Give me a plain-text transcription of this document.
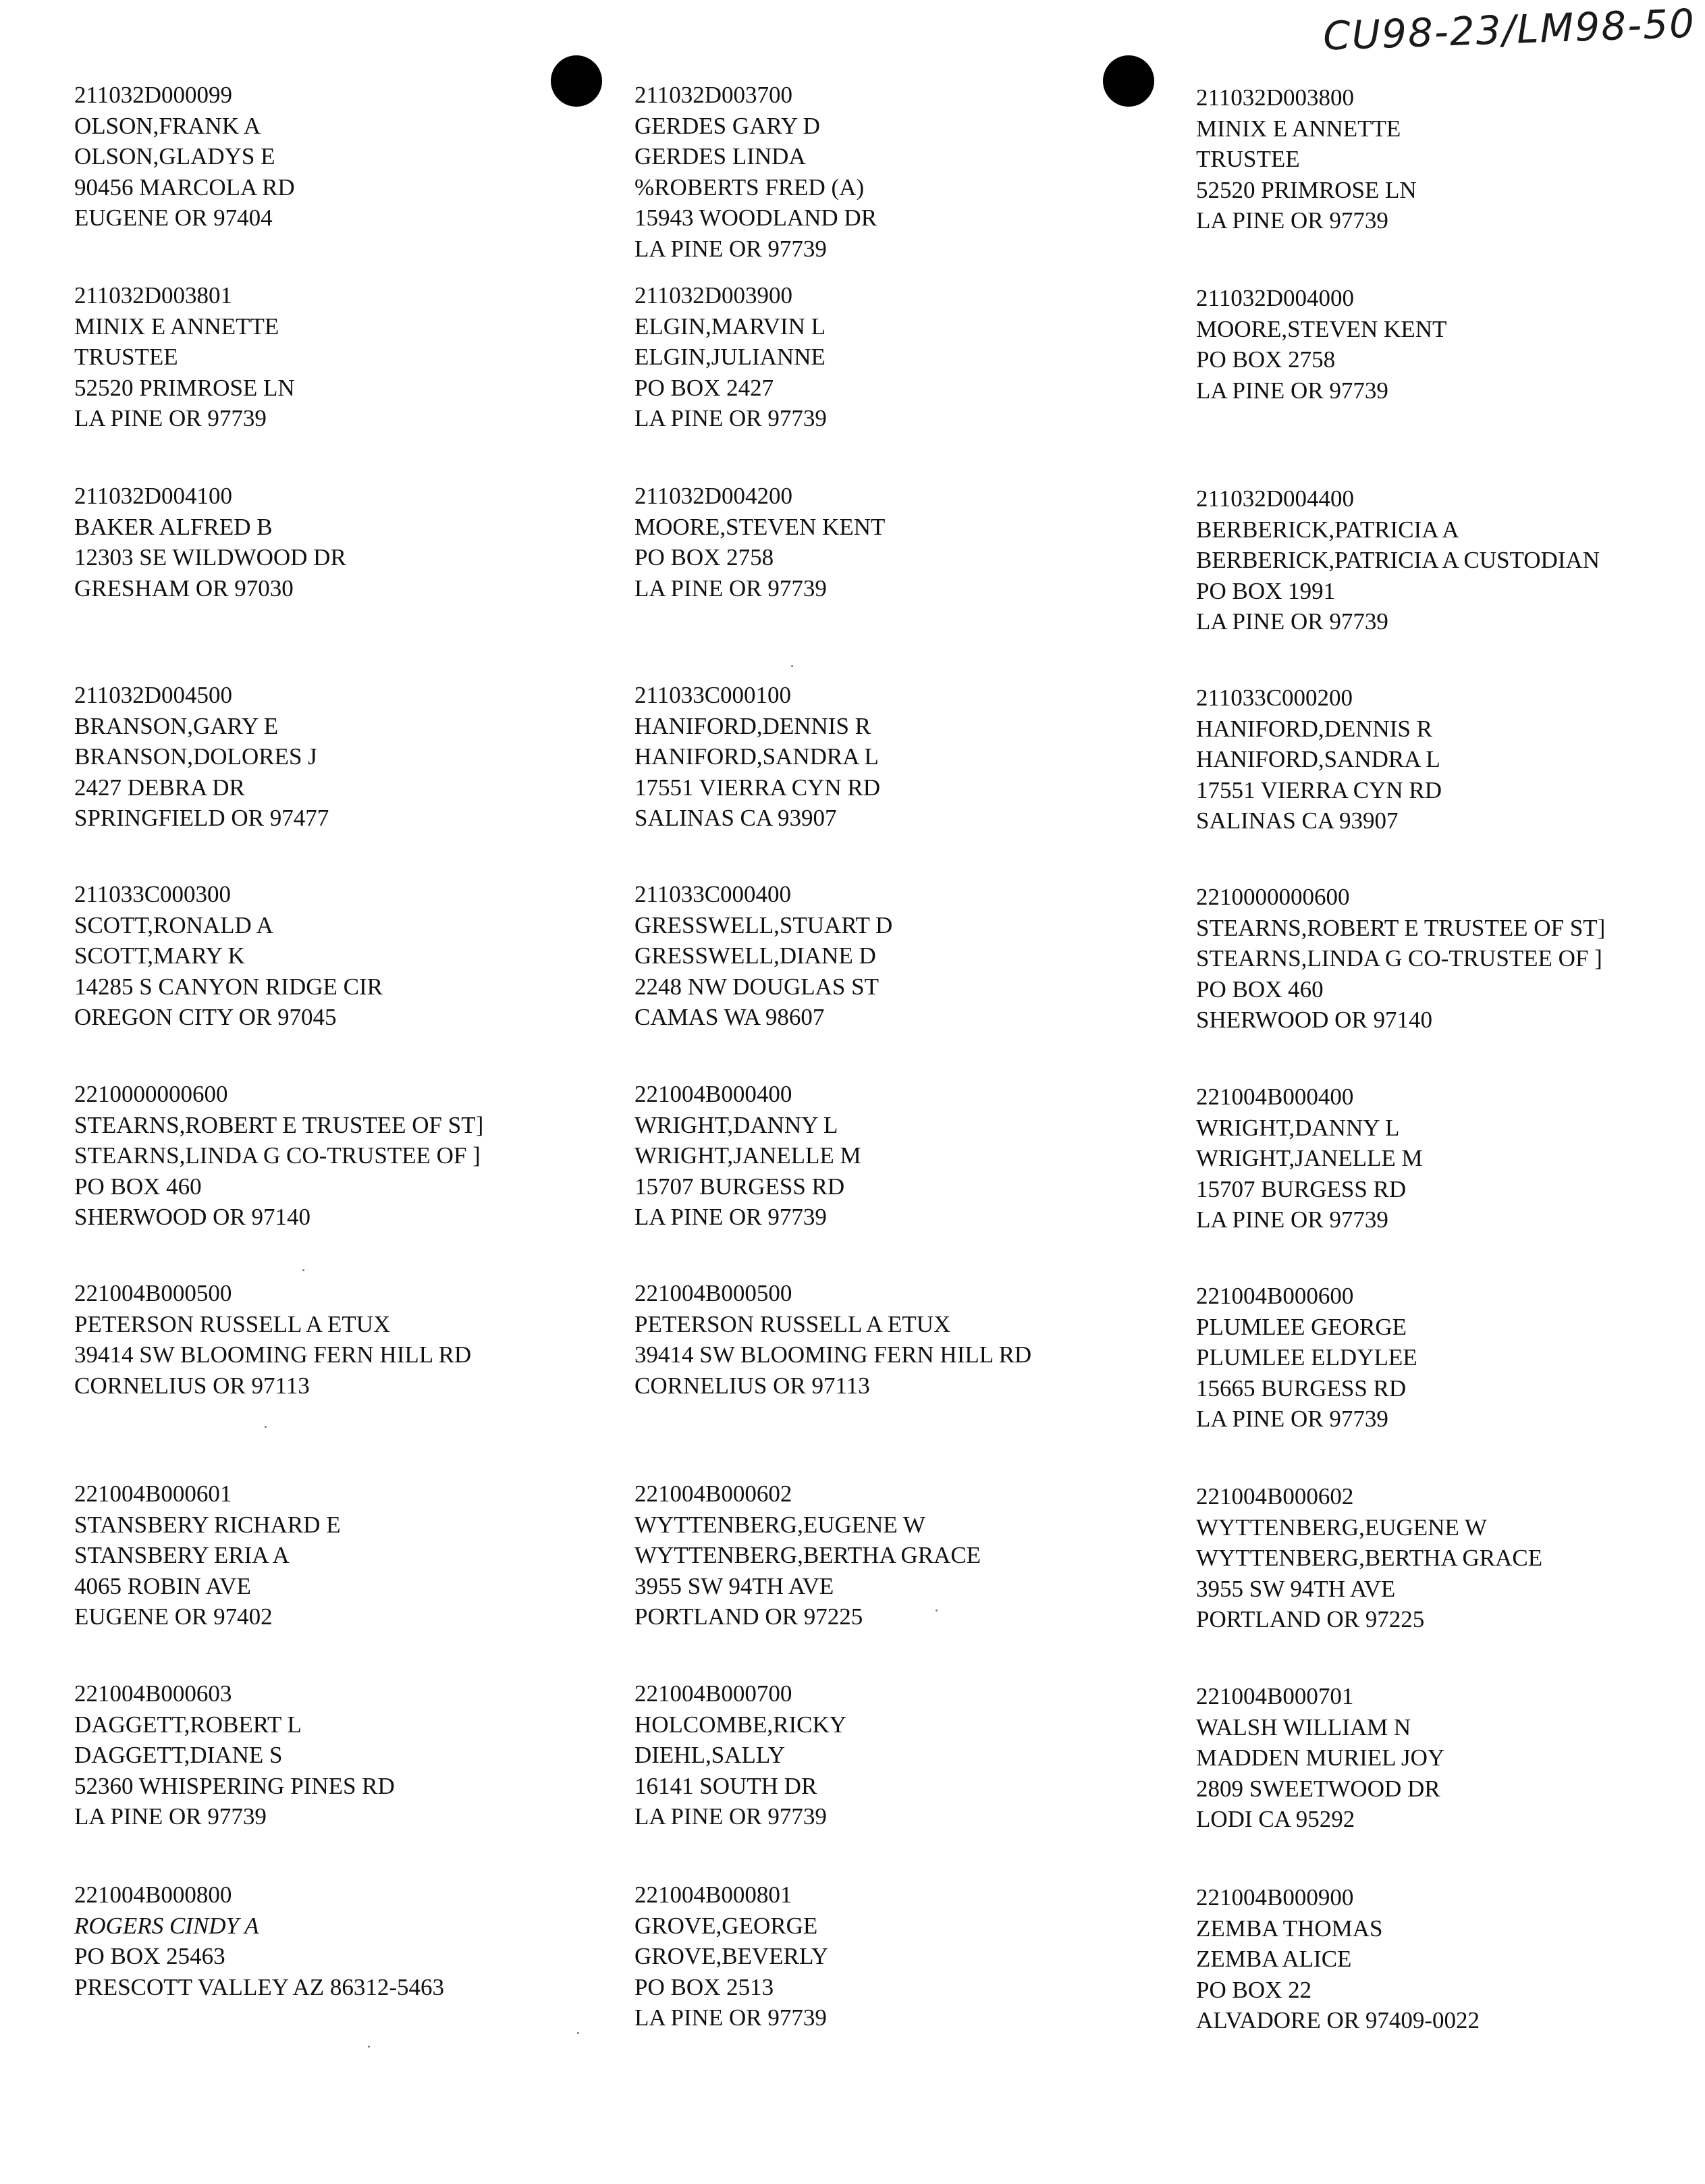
CU98-23/LM98-50
211032D000099
OLSON,FRANK A
OLSON,GLADYS E
90456 MARCOLA RD
EUGENE OR 97404
211032D003700
GERDES GARY D
GERDES LINDA
%ROBERTS FRED (A)
15943 WOODLAND DR
LA PINE OR 97739
211032D003800
MINIX E ANNETTE
TRUSTEE
52520 PRIMROSE LN
LA PINE OR 97739
211032D003801
MINIX E ANNETTE
TRUSTEE
52520 PRIMROSE LN
LA PINE OR 97739
211032D003900
ELGIN,MARVIN L
ELGIN,JULIANNE
PO BOX 2427
LA PINE OR 97739
211032D004000
MOORE,STEVEN KENT
PO BOX 2758
LA PINE OR 97739
211032D004100
BAKER ALFRED B
12303 SE WILDWOOD DR
GRESHAM OR 97030
211032D004200
MOORE,STEVEN KENT
PO BOX 2758
LA PINE OR 97739
211032D004400
BERBERICK,PATRICIA A
BERBERICK,PATRICIA A CUSTODIAN
PO BOX 1991
LA PINE OR 97739
211032D004500
BRANSON,GARY E
BRANSON,DOLORES J
2427 DEBRA DR
SPRINGFIELD OR 97477
211033C000100
HANIFORD,DENNIS R
HANIFORD,SANDRA L
17551 VIERRA CYN RD
SALINAS CA 93907
211033C000200
HANIFORD,DENNIS R
HANIFORD,SANDRA L
17551 VIERRA CYN RD
SALINAS CA 93907
211033C000300
SCOTT,RONALD A
SCOTT,MARY K
14285 S CANYON RIDGE CIR
OREGON CITY OR 97045
211033C000400
GRESSWELL,STUART D
GRESSWELL,DIANE D
2248 NW DOUGLAS ST
CAMAS WA 98607
2210000000600
STEARNS,ROBERT E TRUSTEE OF ST]
STEARNS,LINDA G CO-TRUSTEE OF ]
PO BOX 460
SHERWOOD OR 97140
2210000000600
STEARNS,ROBERT E TRUSTEE OF ST]
STEARNS,LINDA G CO-TRUSTEE OF ]
PO BOX 460
SHERWOOD OR 97140
221004B000400
WRIGHT,DANNY L
WRIGHT,JANELLE M
15707 BURGESS RD
LA PINE OR 97739
221004B000400
WRIGHT,DANNY L
WRIGHT,JANELLE M
15707 BURGESS RD
LA PINE OR 97739
221004B000500
PETERSON RUSSELL A ETUX
39414 SW BLOOMING FERN HILL RD
CORNELIUS OR 97113
221004B000500
PETERSON RUSSELL A ETUX
39414 SW BLOOMING FERN HILL RD
CORNELIUS OR 97113
221004B000600
PLUMLEE GEORGE
PLUMLEE ELDYLEE
15665 BURGESS RD
LA PINE OR 97739
221004B000601
STANSBERY RICHARD E
STANSBERY ERIA A
4065 ROBIN AVE
EUGENE OR 97402
221004B000602
WYTTENBERG,EUGENE W
WYTTENBERG,BERTHA GRACE
3955 SW 94TH AVE
PORTLAND OR 97225
221004B000602
WYTTENBERG,EUGENE W
WYTTENBERG,BERTHA GRACE
3955 SW 94TH AVE
PORTLAND OR 97225
221004B000603
DAGGETT,ROBERT L
DAGGETT,DIANE S
52360 WHISPERING PINES RD
LA PINE OR 97739
221004B000700
HOLCOMBE,RICKY
DIEHL,SALLY
16141 SOUTH DR
LA PINE OR 97739
221004B000701
WALSH WILLIAM N
MADDEN MURIEL JOY
2809 SWEETWOOD DR
LODI CA 95292
221004B000800
ROGERS CINDY A
PO BOX 25463
PRESCOTT VALLEY AZ 86312-5463
221004B000801
GROVE,GEORGE
GROVE,BEVERLY
PO BOX 2513
LA PINE OR 97739
221004B000900
ZEMBA THOMAS
ZEMBA ALICE
PO BOX 22
ALVADORE OR 97409-0022
